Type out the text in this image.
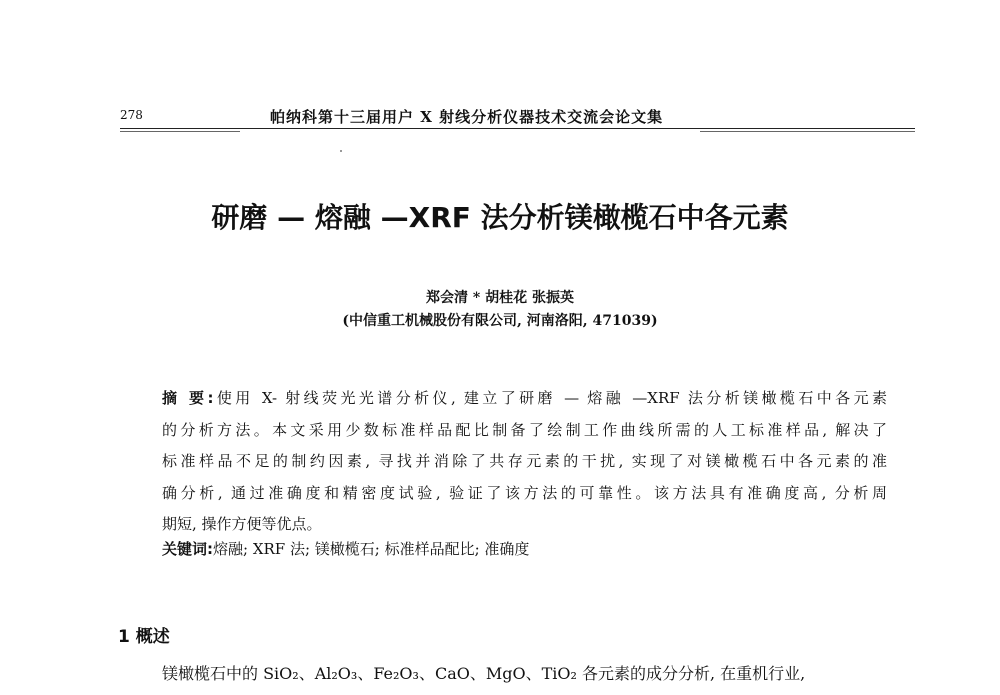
278	帕纳科第十三届用户 X 射线分析仪器技术交流会论文集
研磨 — 熔融 —XRF 法分析镁橄榄石中各元素
郑会清 * 胡桂花 张振英
(中信重工机械股份有限公司, 河南洛阳, 471039)
摘 要:使用 X- 射线荧光光谱分析仪, 建立了研磨 — 熔融 —XRF 法分析镁橄榄石中各元素
的分析方法。本文采用少数标准样品配比制备了绘制工作曲线所需的人工标准样品, 解决了
标准样品不足的制约因素, 寻找并消除了共存元素的干扰, 实现了对镁橄榄石中各元素的准
确分析, 通过准确度和精密度试验, 验证了该方法的可靠性。该方法具有准确度高, 分析周
期短, 操作方便等优点。
关键词:熔融; XRF 法; 镁橄榄石; 标准样品配比; 准确度
1 概述
镁橄榄石中的 SiO₂、Al₂O₃、Fe₂O₃、CaO、MgO、TiO₂ 各元素的成分分析, 在重机行业,
